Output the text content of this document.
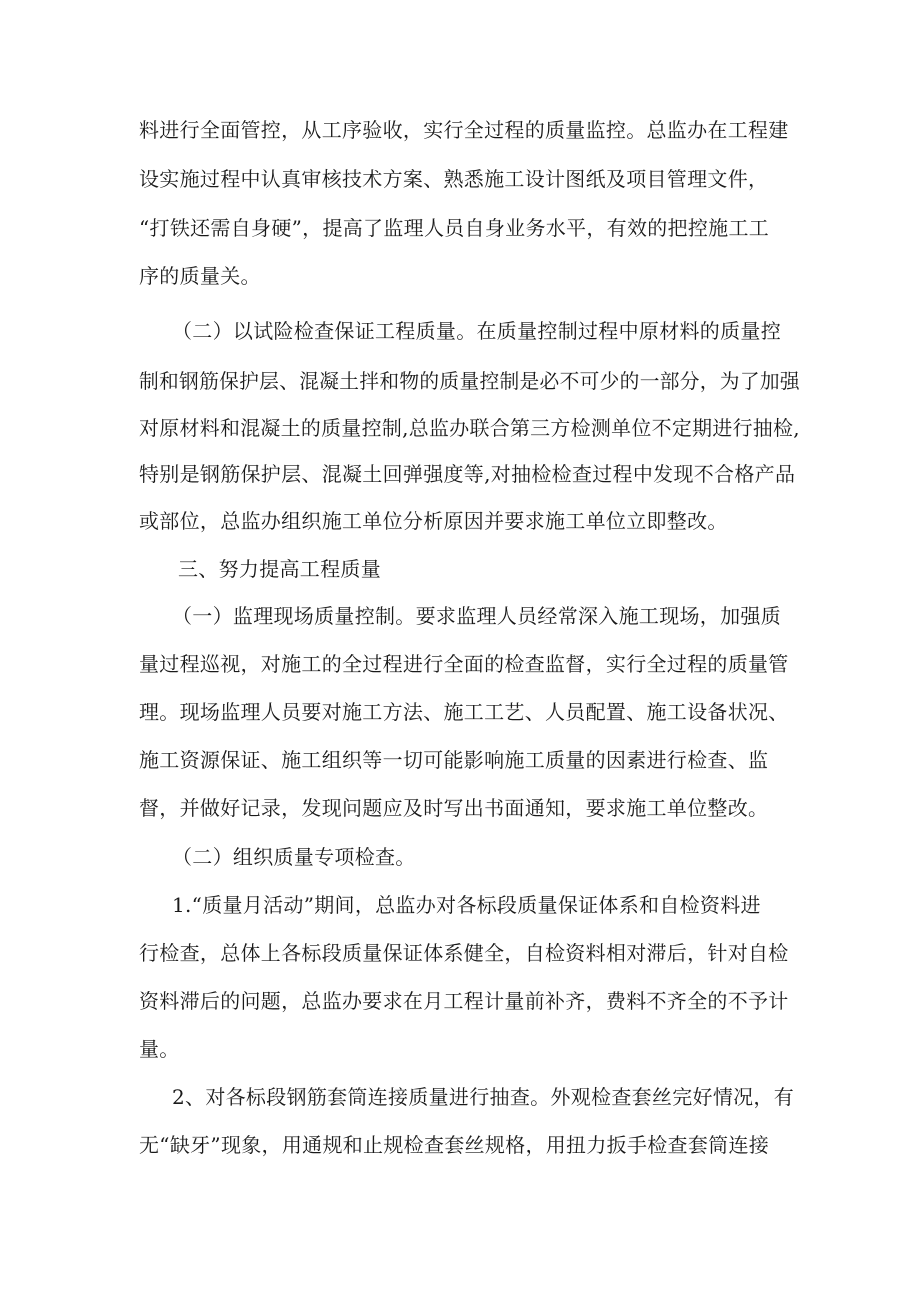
料进行全面管控，从工序验收，实行全过程的质量监控。总监办在工程建
设实施过程中认真审核技术方案、熟悉施工设计图纸及项目管理文件，
“打铁还需自身硬”，提高了监理人员自身业务水平，有效的把控施工工
序的质量关。
（二）以试险检查保证工程质量。在质量控制过程中原材料的质量控
制和钢筋保护层、混凝土拌和物的质量控制是必不可少的一部分，为了加强
对原材料和混凝土的质量控制,总监办联合第三方检测单位不定期进行抽检,
特别是钢筋保护层、混凝土回弹强度等,对抽检检查过程中发现不合格产品
或部位，总监办组织施工单位分析原因并要求施工单位立即整改。
三、努力提高工程质量
（一）监理现场质量控制。要求监理人员经常深入施工现场，加强质
量过程巡视，对施工的全过程进行全面的检查监督，实行全过程的质量管
理。现场监理人员要对施工方法、施工工艺、人员配置、施工设备状况、
施工资源保证、施工组织等一切可能影响施工质量的因素进行检查、监
督，并做好记录，发现问题应及时写出书面通知，要求施工单位整改。
（二）组织质量专项检查。
1.“质量月活动”期间，总监办对各标段质量保证体系和自检资料进
行检查，总体上各标段质量保证体系健全，自检资料相对滞后，针对自检
资料滞后的问题，总监办要求在月工程计量前补齐，费料不齐全的不予计
量。
2、对各标段钢筋套筒连接质量进行抽查。外观检查套丝完好情况，有
无“缺牙”现象，用通规和止规检查套丝规格，用扭力扳手检查套筒连接
